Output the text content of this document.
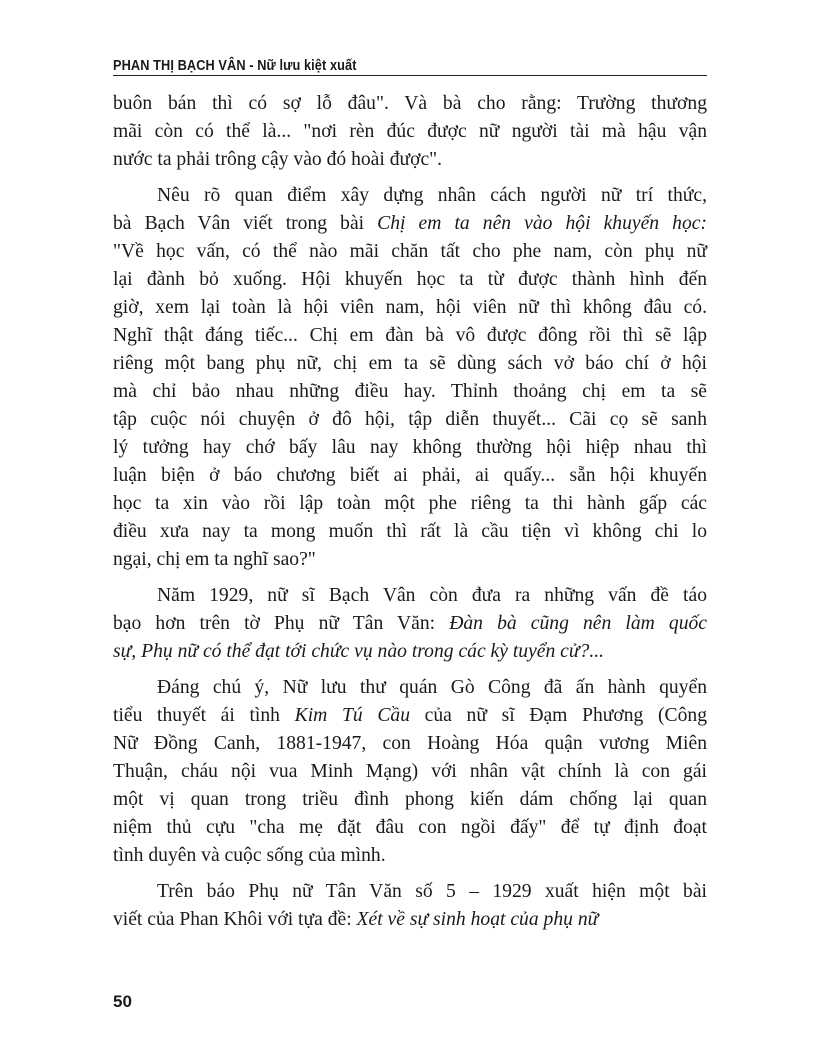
PHAN THỊ BẠCH VÂN - Nữ lưu kiệt xuất
buôn bán thì có sợ lỗ đâu". Và bà cho rằng: Trường thương
mãi còn có thể là... "nơi rèn đúc được nữ người tài mà hậu vận
nước ta phải trông cậy vào đó hoài được".
Nêu rõ quan điểm xây dựng nhân cách người nữ trí thức,
bà Bạch Vân viết trong bài Chị em ta nên vào hội khuyến học:
"Về học vấn, có thể nào mãi chăn tất cho phe nam, còn phụ nữ
lại đành bỏ xuống. Hội khuyến học ta từ được thành hình đến
giờ, xem lại toàn là hội viên nam, hội viên nữ thì không đâu có.
Nghĩ thật đáng tiếc... Chị em đàn bà vô được đông rồi thì sẽ lập
riêng một bang phụ nữ, chị em ta sẽ dùng sách vở báo chí ở hội
mà chỉ bảo nhau những điều hay. Thỉnh thoảng chị em ta sẽ
tập cuộc nói chuyện ở đô hội, tập diễn thuyết... Cãi cọ sẽ sanh
lý tưởng hay chớ bấy lâu nay không thường hội hiệp nhau thì
luận biện ở báo chương biết ai phải, ai quấy... sẵn hội khuyến
học ta xin vào rồi lập toàn một phe riêng ta thi hành gấp các
điều xưa nay ta mong muốn thì rất là cầu tiện vì không chi lo
ngại, chị em ta nghĩ sao?"
Năm 1929, nữ sĩ Bạch Vân còn đưa ra những vấn đề táo
bạo hơn trên tờ Phụ nữ Tân Văn: Đàn bà cũng nên làm quốc
sự, Phụ nữ có thể đạt tới chức vụ nào trong các kỳ tuyển cử?...
Đáng chú ý, Nữ lưu thư quán Gò Công đã ấn hành quyển
tiểu thuyết ái tình Kim Tú Cầu của nữ sĩ Đạm Phương (Công
Nữ Đồng Canh, 1881-1947, con Hoàng Hóa quận vương Miên
Thuận, cháu nội vua Minh Mạng) với nhân vật chính là con gái
một vị quan trong triều đình phong kiến dám chống lại quan
niệm thủ cựu "cha mẹ đặt đâu con ngồi đấy" để tự định đoạt
tình duyên và cuộc sống của mình.
Trên báo Phụ nữ Tân Văn số 5 – 1929 xuất hiện một bài
viết của Phan Khôi với tựa đề: Xét về sự sinh hoạt của phụ nữ
50
